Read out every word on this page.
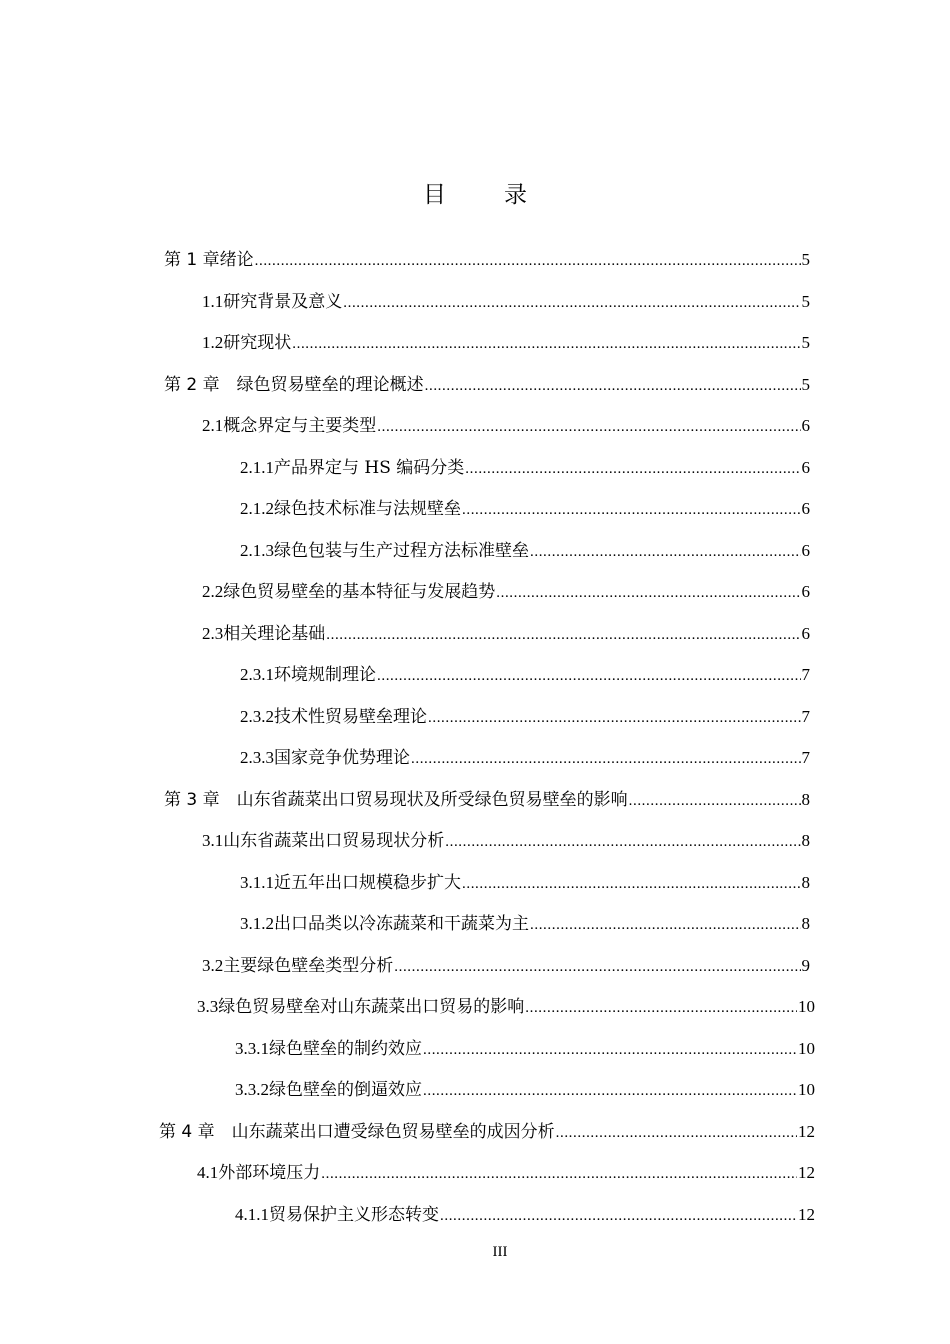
目录
第 1 章绪论 .....	5
1.1 研究背景及意义 .....	5
1.2 研究现状 .....	5
第 2 章　绿色贸易壁垒的理论概述 .....	5
2.1 概念界定与主要类型 .....	6
2.1.1 产品界定与 HS 编码分类 .....	6
2.1.2 绿色技术标准与法规壁垒 .....	6
2.1.3 绿色包装与生产过程方法标准壁垒 .....	6
2.2 绿色贸易壁垒的基本特征与发展趋势 .....	6
2.3 相关理论基础 .....	6
2.3.1 环境规制理论 .....	7
2.3.2 技术性贸易壁垒理论 .....	7
2.3.3 国家竞争优势理论 .....	7
第 3 章　山东省蔬菜出口贸易现状及所受绿色贸易壁垒的影响 .....	8
3.1 山东省蔬菜出口贸易现状分析 .....	8
3.1.1 近五年出口规模稳步扩大 .....	8
3.1.2 出口品类以冷冻蔬菜和干蔬菜为主 .....	8
3.2 主要绿色壁垒类型分析 .....	9
3.3 绿色贸易壁垒对山东蔬菜出口贸易的影响 .....	10
3.3.1 绿色壁垒的制约效应 .....	10
3.3.2 绿色壁垒的倒逼效应 .....	10
第 4 章　山东蔬菜出口遭受绿色贸易壁垒的成因分析 .....	12
4.1 外部环境压力 .....	12
4.1.1 贸易保护主义形态转变 .....	12
III
